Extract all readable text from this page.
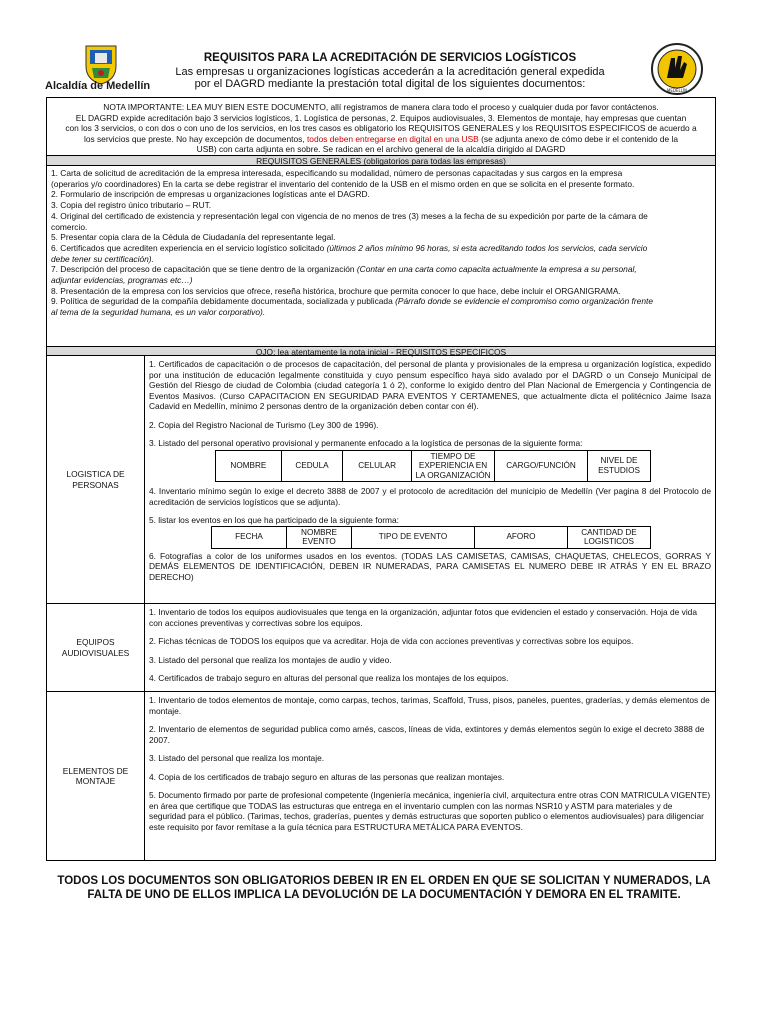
Alcaldía de Medellín	MEDELLÍN
REQUISITOS PARA LA ACREDITACIÓN DE SERVICIOS LOGÍSTICOS
Las empresas u organizaciones logísticas accederán a la acreditación general expedida
por el DAGRD mediante la prestación total digital de los siguientes documentos:
NOTA IMPORTANTE: LEA MUY BIEN ESTE DOCUMENTO, allí registramos de manera clara todo el proceso y cualquier duda por favor contáctenos.
EL DAGRD expide acreditación bajo 3 servicios logísticos, 1. Logística de personas, 2. Equipos audiovisuales, 3. Elementos de montaje, hay empresas que cuentan
con los 3 servicios, o con dos o con uno de los servicios, en los tres casos es obligatorio los REQUISITOS GENERALES y los REQUISITOS ESPECIFICOS de acuerdo a
los servicios que preste. No hay excepción de documentos, todos deben entregarse en digital en una USB (se adjunta anexo de cómo debe ir el contenido de la
USB) con carta adjunta en sobre. Se radican en el archivo general de la alcaldía dirigido al DAGRD
REQUISITOS GENERALES (obligatorios para todas las empresas)

1. Carta de solicitud de acreditación de la empresa interesada, especificando su modalidad, número de personas capacitadas y sus cargos en la empresa

(operarios y/o coordinadores) En la carta se debe registrar el inventario del contenido de la USB en el mismo orden en que se solicita en el presente formato.

2. Formulario de inscripción de empresas u organizaciones logísticas ante el DAGRD.

3. Copia del registro único tributario – RUT.

4. Original del certificado de existencia y representación legal con vigencia de no menos de tres (3) meses a la fecha de su expedición por parte de la cámara de

comercio.

5. Presentar copia clara de la Cédula de Ciudadanía del representante legal.

6. Certificados que acrediten experiencia en el servicio logístico solicitado (últimos 2 años mínimo 96 horas, si esta acreditando todos los servicios, cada servicio

debe tener su certificación).

7. Descripción del proceso de capacitación que se tiene dentro de la organización (Contar en una carta como capacita actualmente la empresa a su personal,

adjuntar evidencias, programas etc…)

8. Presentación de la empresa con los servicios que ofrece, reseña histórica, brochure que permita conocer lo que hace, debe incluir el ORGANIGRAMA.

9. Política de seguridad de la compañía debidamente documentada, socializada y publicada (Párrafo donde se evidencie el compromiso como organización frente

al tema de la seguridad humana, es un valor corporativo).

OJO: lea atentamente la nota inicial - REQUISITOS ESPECIFICOS
LOGISTICA DE
PERSONAS

1. Certificados de capacitación o de procesos de capacitación, del personal de planta y provisionales de la empresa u organización logística, expedido por una institución de educación legalmente constituida y cuyo pensum específico haya sido avalado por el DAGRD o un Consejo Municipal de Gestión del Riesgo de ciudad de Colombia (ciudad categoría 1 ó 2), conforme lo exigido dentro del Plan Nacional de Emergencia y Contingencia de Eventos Masivos. (Curso CAPACITACION EN SEGURIDAD PARA EVENTOS Y CERTAMENES, que actualmente dicta el politécnico Jaime Isaza Cadavid en Medellín, mínimo 2 personas dentro de la organización deben contar con él).

2. Copia del Registro Nacional de Turismo (Ley 300 de 1996).

3. Listado del personal operativo provisional y permanente enfocado a la logística de personas de la siguiente forma:

NOMBRE	CEDULA	CELULAR	TIEMPO DE EXPERIENCIA EN LA ORGANIZACIÓN	CARGO/FUNCIÓN	NIVEL DE ESTUDIOS

4. Inventario mínimo según lo exige el decreto 3888 de 2007 y el protocolo de acreditación del municipio de Medellín (Ver pagina 8 del Protocolo de acreditación de servicios logísticos que se adjunta).

5. listar los eventos en los que ha participado de la siguiente forma:

FECHA	NOMBRE EVENTO	TIPO DE EVENTO	AFORO	CANTIDAD DE LOGISTICOS

6. Fotografías a color de los uniformes usados en los eventos. (TODAS LAS CAMISETAS, CAMISAS, CHAQUETAS, CHELECOS, GORRAS Y DEMÁS ELEMENTOS DE IDENTIFICACIÓN, DEBEN IR NUMERADAS, PARA CAMISETAS EL NUMERO DEBE IR ATRÁS Y EN EL BRAZO DERECHO)

EQUIPOS
AUDIOVISUALES

1. Inventario de todos los equipos audiovisuales que tenga en la organización, adjuntar fotos que evidencien el estado y conservación. Hoja de vida con acciones preventivas y correctivas sobre los equipos.

2. Fichas técnicas de TODOS los equipos que va acreditar. Hoja de vida con acciones preventivas y correctivas sobre los equipos.

3. Listado del personal que realiza los montajes de audio y video.

4. Certificados de trabajo seguro en alturas del personal que realiza los montajes de los equipos.

ELEMENTOS DE
MONTAJE

1. Inventario de todos elementos de montaje, como carpas, techos, tarimas, Scaffold, Truss, pisos, paneles, puentes, graderías, y demás elementos de montaje.

2. Inventario de elementos de seguridad publica como arnés, cascos, líneas de vida, extintores y demás elementos según lo exige el decreto 3888 de 2007.

3. Listado del personal que realiza los montaje.

4. Copia de los certificados de trabajo seguro en alturas de las personas que realizan montajes.

5. Documento firmado por parte de profesional competente (Ingeniería mecánica, ingeniería civil, arquitectura entre otras CON MATRICULA VIGENTE) en área que certifique que TODAS las estructuras que entrega en el inventario cumplen con las normas NSR10 y ASTM para materiales y de seguridad para el público. (Tarimas, techos, graderías, puentes y demás estructuras que soporten publico o elementos audiovisuales) para diligenciar este requisito por favor remítase a la guía técnica para ESTRUCTURA METÁLICA PARA EVENTOS.

TODOS LOS DOCUMENTOS SON OBLIGATORIOS DEBEN IR EN EL ORDEN EN QUE SE SOLICITAN Y NUMERADOS, LA
FALTA DE UNO DE ELLOS IMPLICA LA DEVOLUCIÓN DE LA DOCUMENTACIÓN Y DEMORA EN EL TRAMITE.
